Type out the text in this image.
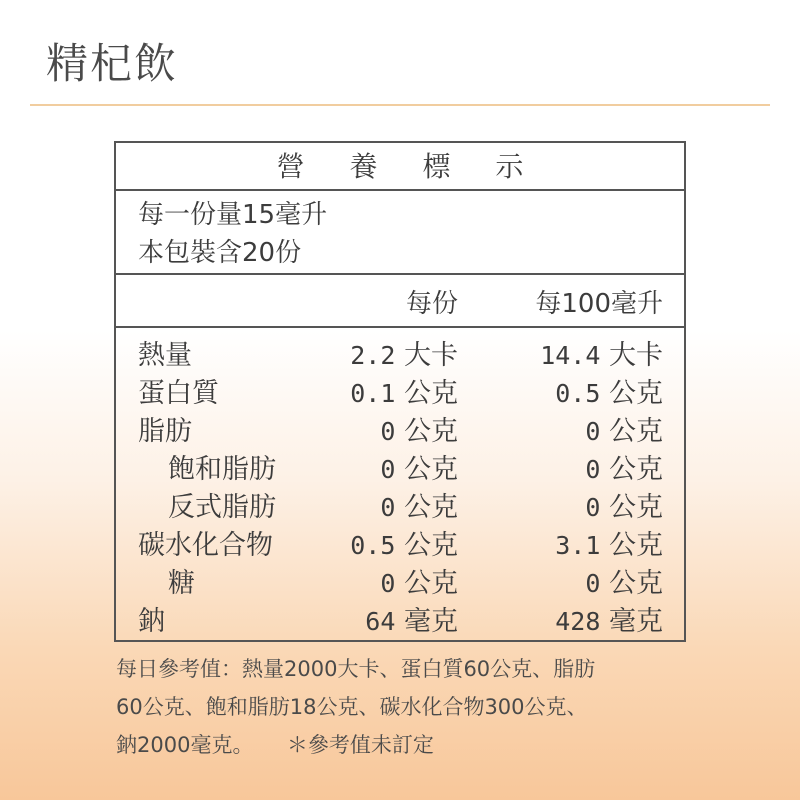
精杞飲
營 養 標 示
每一份量15毫升
本包裝含20份
每份	每100毫升
熱量	2.2 大卡	14.4 大卡
蛋白質	0.1 公克	0.5 公克
脂肪	0 公克	0 公克
飽和脂肪	0 公克	0 公克
反式脂肪	0 公克	0 公克
碳水化合物	0.5 公克	3.1 公克
糖	0 公克	0 公克
鈉	64 毫克	428 毫克

每日參考值：熱量2000大卡、蛋白質60公克、脂肪

60公克、飽和脂肪18公克、碳水化合物300公克、

鈉2000毫克。 ＊參考值未訂定
